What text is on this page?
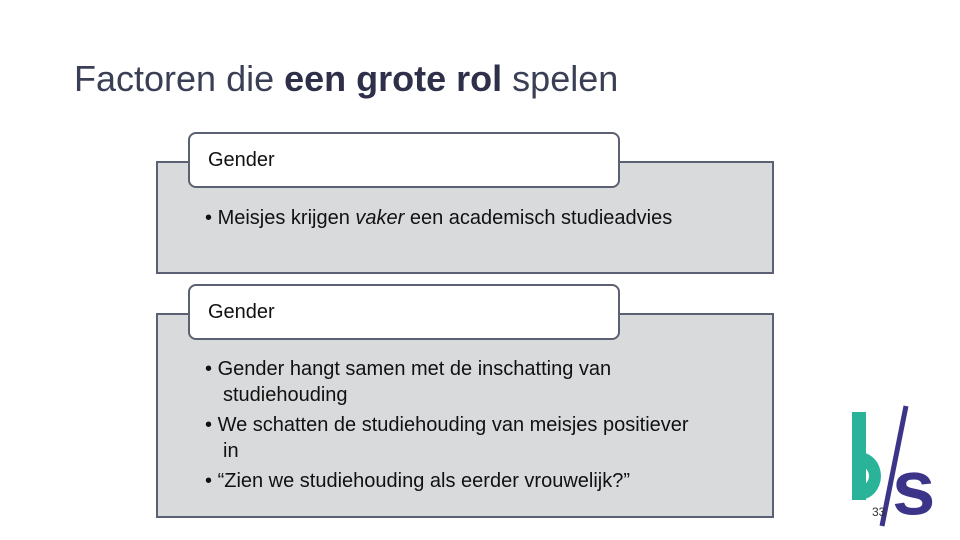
Factoren die een grote rol spelen
Gender
• Meisjes krijgen vaker een academisch studieadvies
Gender
• Gender hangt samen met de inschatting van studiehouding
• We schatten de studiehouding van meisjes positiever in
• “Zien we studiehouding als eerder vrouwelijk?”	s
33
